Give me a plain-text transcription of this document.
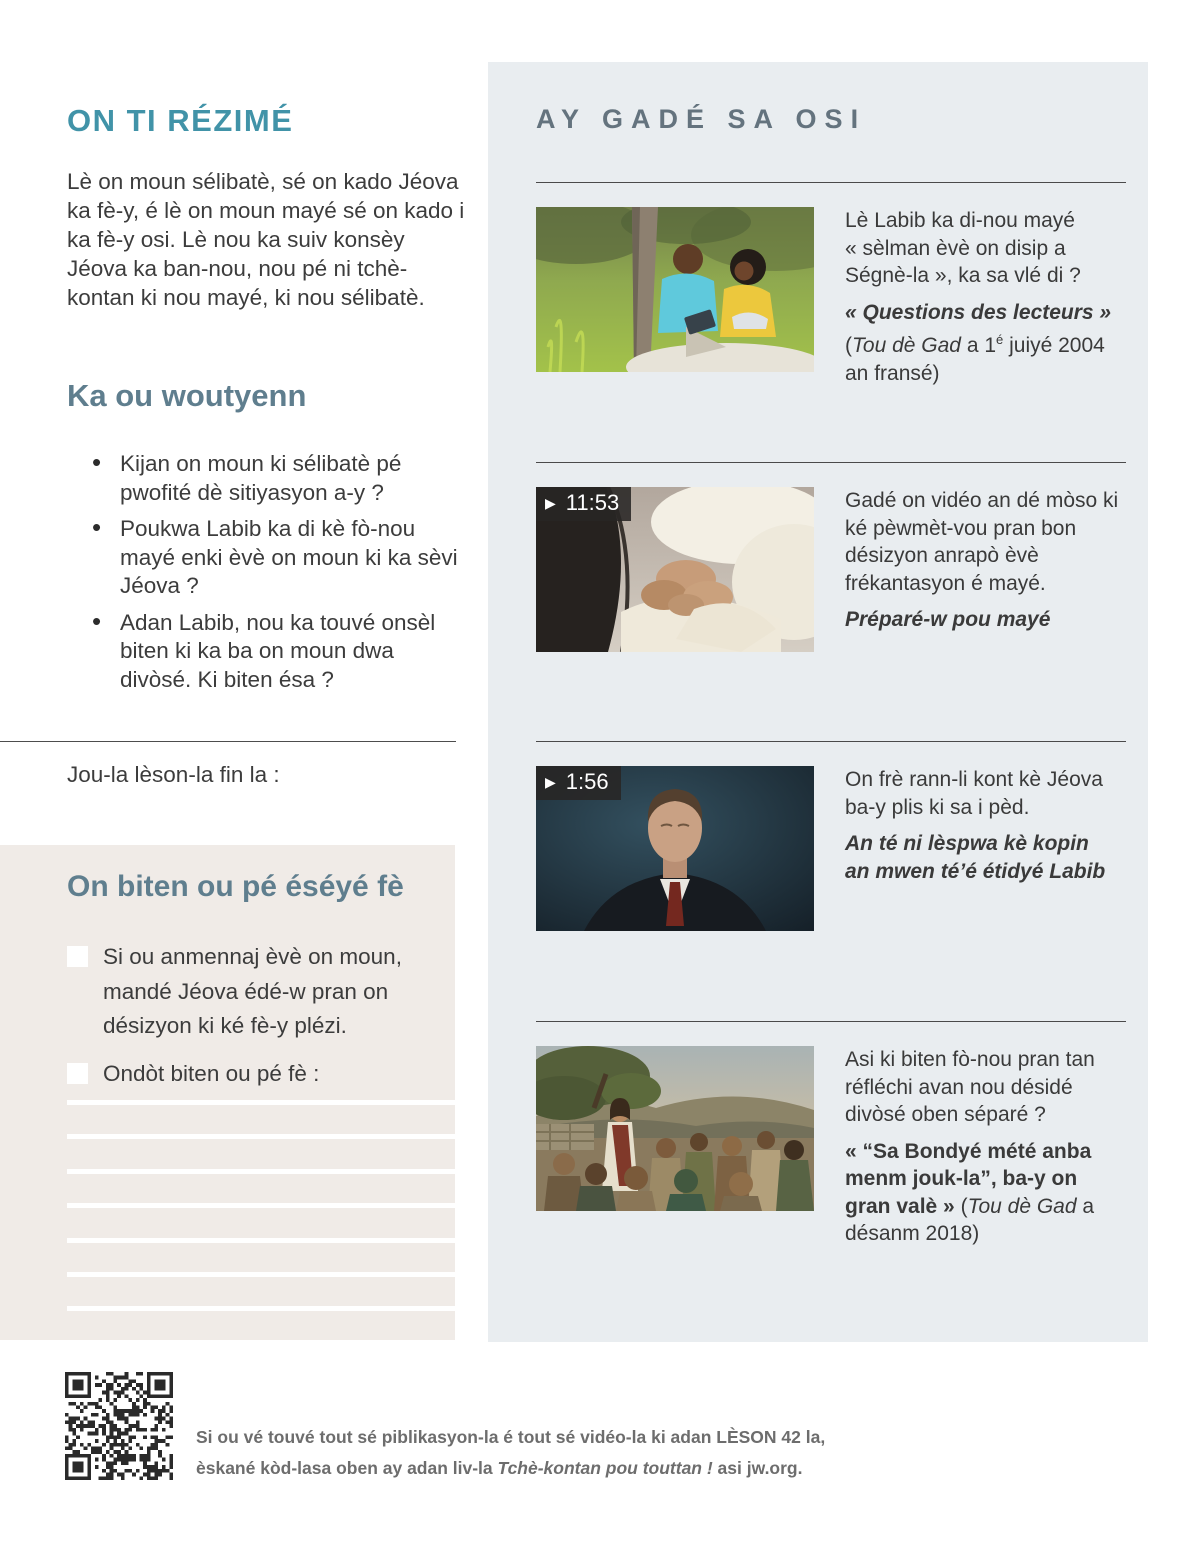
ON TI RÉZIMÉ

Lè on moun sélibatè, sé on kado Jéova ka fè-y, é lè on moun mayé sé on kado i ka fè-y osi. Lè nou ka suiv konsèy Jéova ka ban-nou, nou pé ni tchè-kontan ki nou mayé, ki nou sélibatè.

Ka ou woutyenn
• Kijan on moun ki sélibatè pé pwofité dè sitiyasyon a-y ?
• Poukwa Labib ka di kè fò-nou mayé enki èvè on moun ki ka sèvi Jéova ?
• Adan Labib, nou ka touvé onsèl biten ki ka ba on moun dwa divòsé. Ki biten ésa ?

Jou-la lèson-la fin la :

On biten ou pé éséyé fè
Si ou anmennaj èvè on moun, mandé Jéova édé-w pran on désizyon ki ké fè-y plézi.
Ondòt biten ou pé fè :
AY GADÉ SA OSI

Lè Labib ka di-nou mayé « sèlman èvè on disip a Ségnè-la », ka sa vlé di ?

« Questions des lecteurs »
(Tou dè Gad a $1^é$ juiyé 2004 an fransé)

▶ 11:53	Gadé on vidéo an dé mòso ki ké pèwmèt-vou pran bon désizyon anrapò èvè frékantasyon é mayé.

Préparé-w pou mayé

▶ 1:56	On frè rann-li kont kè Jéova ba-y plis ki sa i pèd.

An té ni lèspwa kè kopin an mwen té’é étidyé Labib

Asi ki biten fò-nou pran tan réfléchi avan nou désidé divòsé oben séparé ?

« “Sa Bondyé mété anba menm jouk-la”, ba-y on gran valè » (Tou dè Gad a désanm 2018)

Si ou vé touvé tout sé piblikasyon-la é tout sé vidéo-la ki adan LÈSON 42 la,
èskané kòd-lasa oben ay adan liv-la Tchè-kontan pou touttan ! asi jw.org.
